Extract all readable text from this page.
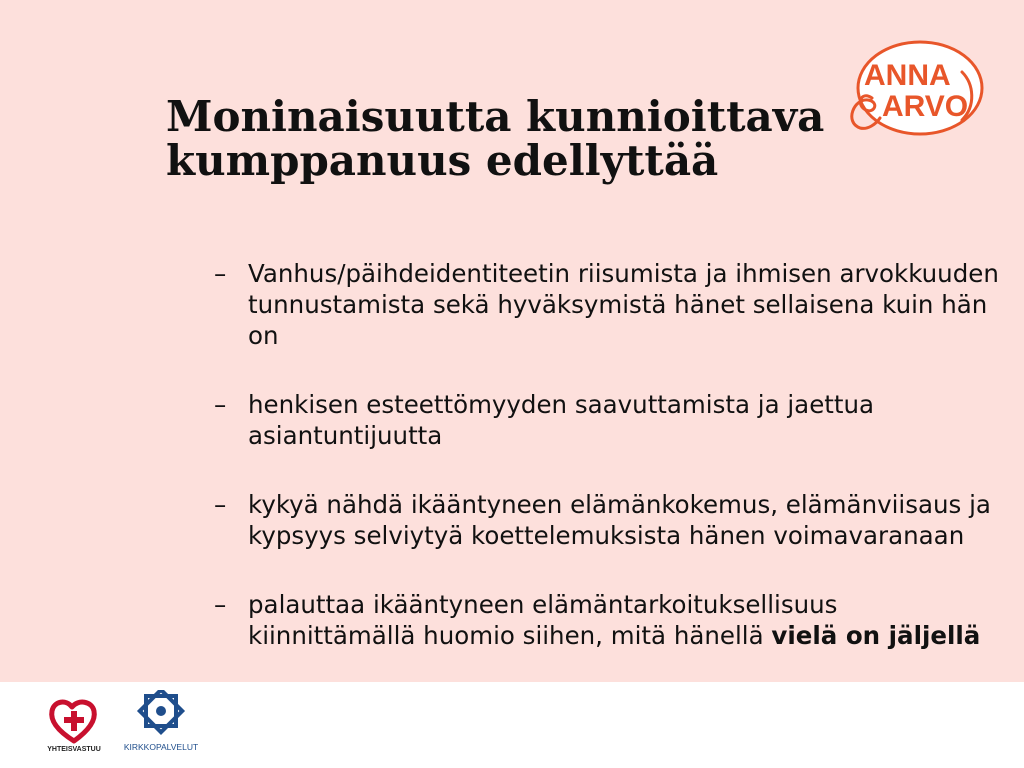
ANNA
ARVO
Moninaisuutta kunnioittava
kumppanuus edellyttää
– Vanhus/päihdeidentiteetin riisumista ja ihmisen arvokkuuden tunnustamista sekä hyväksymistä hänet sellaisena kuin hän on
– henkisen esteettömyyden saavuttamista ja jaettua asiantuntijuutta
– kykyä nähdä ikääntyneen elämänkokemus, elämänviisaus ja kypsyys selviytyä koettelemuksista hänen voimavaranaan
– palauttaa ikääntyneen elämäntarkoituksellisuus kiinnittämällä huomio siihen, mitä hänellä vielä on jäljellä
YHTEISVASTUU	KIRKKOPALVELUT
